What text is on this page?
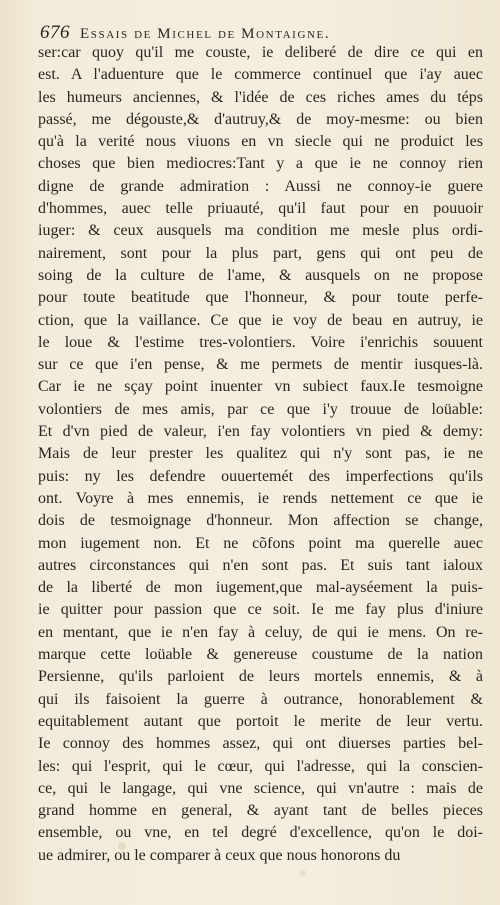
676 Essais de Michel de Montaigne.
ser:car quoy qu'il me couste, ie deliberé de dire ce qui en
est. A l'aduenture que le commerce continuel que i'ay auec
les humeurs anciennes, & l'idée de ces riches ames du téps
passé, me dégouste,& d'autruy,& de moy-mesme: ou bien
qu'à la verité nous viuons en vn siecle qui ne produict les
choses que bien mediocres:Tant y a que ie ne connoy rien
digne de grande admiration : Aussi ne connoy-ie guere
d'hommes, auec telle priuauté, qu'il faut pour en pouuoir
iuger: & ceux ausquels ma condition me mesle plus ordi-
nairement, sont pour la plus part, gens qui ont peu de
soing de la culture de l'ame, & ausquels on ne propose
pour toute beatitude que l'honneur, & pour toute perfe-
ction, que la vaillance. Ce que ie voy de beau en autruy, ie
le loue & l'estime tres-volontiers. Voire i'enrichis souuent
sur ce que i'en pense, & me permets de mentir iusques-là.
Car ie ne sçay point inuenter vn subiect faux.Ie tesmoigne
volontiers de mes amis, par ce que i'y trouue de loüable:
Et d'vn pied de valeur, i'en fay volontiers vn pied & demy:
Mais de leur prester les qualitez qui n'y sont pas, ie ne
puis: ny les defendre ouuertemét des imperfections qu'ils
ont. Voyre à mes ennemis, ie rends nettement ce que ie
dois de tesmoignage d'honneur. Mon affection se change,
mon iugement non. Et ne cõfons point ma querelle auec
autres circonstances qui n'en sont pas. Et suis tant ialoux
de la liberté de mon iugement,que mal-ayséement la puis-
ie quitter pour passion que ce soit. Ie me fay plus d'iniure
en mentant, que ie n'en fay à celuy, de qui ie mens. On re-
marque cette loüable & genereuse coustume de la nation
Persienne, qu'ils parloient de leurs mortels ennemis, & à
qui ils faisoient la guerre à outrance, honorablement &
equitablement autant que portoit le merite de leur vertu.
Ie connoy des hommes assez, qui ont diuerses parties bel-
les: qui l'esprit, qui le cœur, qui l'adresse, qui la conscien-
ce, qui le langage, qui vne science, qui vn'autre : mais de
grand homme en general, & ayant tant de belles pieces
ensemble, ou vne, en tel degré d'excellence, qu'on le doi-
ue admirer, ou le comparer à ceux que nous honorons du
